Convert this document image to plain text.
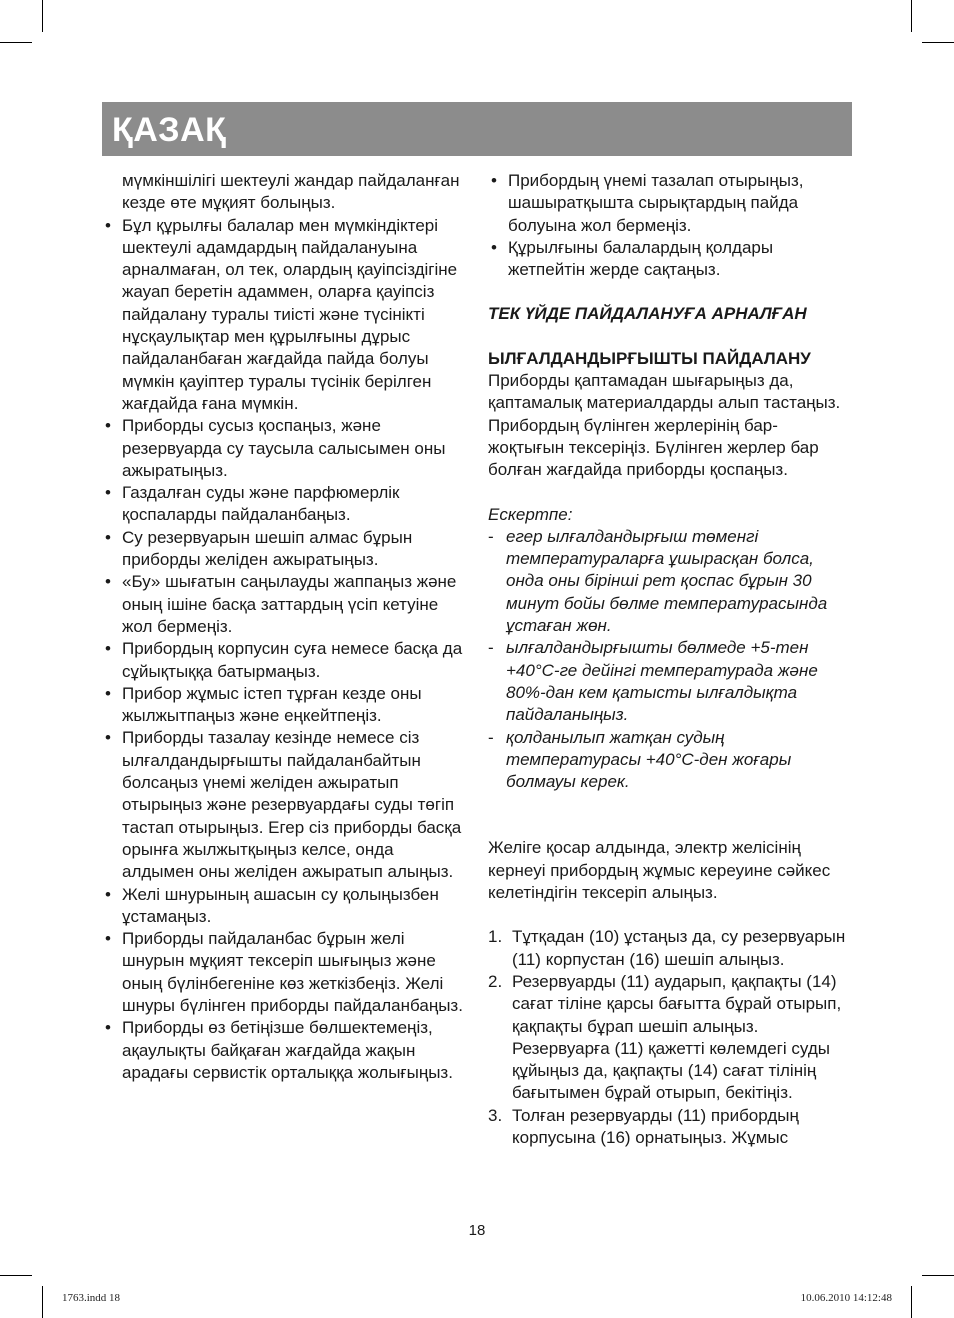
ҚАЗАҚ

мүмкіншілігі шектеулі жандар пайдаланған кезде өте мұқият болыңыз.

• Бұл құрылғы балалар мен мүмкіндіктері шектеулі адамдардың пайдалануына арналмаған, ол тек, олардың қауіпсіздігіне жауап беретін адаммен, оларға қауіпсіз пайдалану туралы тиісті және түсінікті нұсқаулықтар мен құрылғыны дұрыс пайдаланбаған жағдайда пайда болуы мүмкін қауіптер туралы түсінік берілген жағдайда ғана мүмкін.
• Приборды сусыз қоспаңыз, және резервуарда су таусыла салысымен оны ажыратыңыз.
• Газдалған суды және парфюмерлік қоспаларды пайдаланбаңыз.
• Су резервуарын шешіп алмас бұрын приборды желіден ажыратыңыз.
• «Бу» шығатын саңылауды жаппаңыз және оның ішіне басқа заттардың үсіп кетуіне жол бермеңіз.
• Прибордың корпусин суға немесе басқа да сұйықтыққа батырмаңыз.
• Прибор жұмыс істеп тұрған кезде оны жылжытпаңыз және еңкейтпеңіз.
• Приборды тазалау кезінде немесе сіз ылғалдандырғышты пайдаланбайтын болсаңыз үнемі желіден ажыратып отырыңыз және резервуардағы суды төгіп тастап отырыңыз. Егер сіз приборды басқа орынға жылжытқыңыз келсе, онда алдымен оны желіден ажыратып алыңыз.
• Желі шнурының ашасын су қолыңызбен ұстамаңыз.
• Приборды пайдаланбас бұрын желі шнурын мұқият тексеріп шығыңыз және оның бүлінбегеніне көз жеткізбеңіз. Желі шнуры бүлінген приборды пайдаланбаңыз.
• Приборды өз бетіңізше бөлшектемеңіз, ақаулықты байқаған жағдайда жақын арадағы сервистік орталыққа жолығыңыз.
• Прибордың үнемі тазалап отырыңыз, шашыратқышта сырықтардың пайда болуына жол бермеңіз.
• Құрылғыны балалардың қолдары жетпейтін жерде сақтаңыз.

ТЕК ҮЙДЕ ПАЙДАЛАНУҒА АРНАЛҒАН

ЫЛҒАЛДАНДЫРҒЫШТЫ ПАЙДАЛАНУ

Приборды қаптамадан шығарыңыз да, қаптамалық материалдарды алып тастаңыз. Прибордың бүлінген жерлерінің бар-жоқтығын тексеріңіз. Бүлінген жерлер бар болған жағдайда приборды қоспаңыз.

Ескертпе:

- егер ылғалдандырғыш төменгі температураларға ұшырасқан болса, онда оны бірінші рет қоспас бұрын 30 минут бойы бөлме температурасында ұстаған жөн.
- ылғалдандырғышты бөлмеде +5-тен +40°С-ге дейінгі температурада және 80%-дан кем қатысты ылғалдықта пайдаланыңыз.
- қолданылып жатқан судың температурасы +40°С-ден жоғары болмауы керек.

Желіге қосар алдында, электр желісінің кернеуі прибордың жұмыс кереуине сәйкес келетіндігін тексеріп алыңыз.

1. Тұтқадан (10) ұстаңыз да, су резервуарын (11) корпустан (16) шешіп алыңыз.
2. Резервуарды (11) аударып, қақпақты (14) сағат тіліне қарсы бағытта бұрай отырып, қақпақты бұрап шешіп алыңыз. Резервуарға (11) қажетті көлемдегі суды құйыңыз да, қақпақты (14) сағат тілінің бағытымен бұрай отырып, бекітіңіз.
3. Толған резервуарды (11) прибордың корпусына (16) орнатыңыз. Жұмыс
18
1763.indd 18	10.06.2010 14:12:48
